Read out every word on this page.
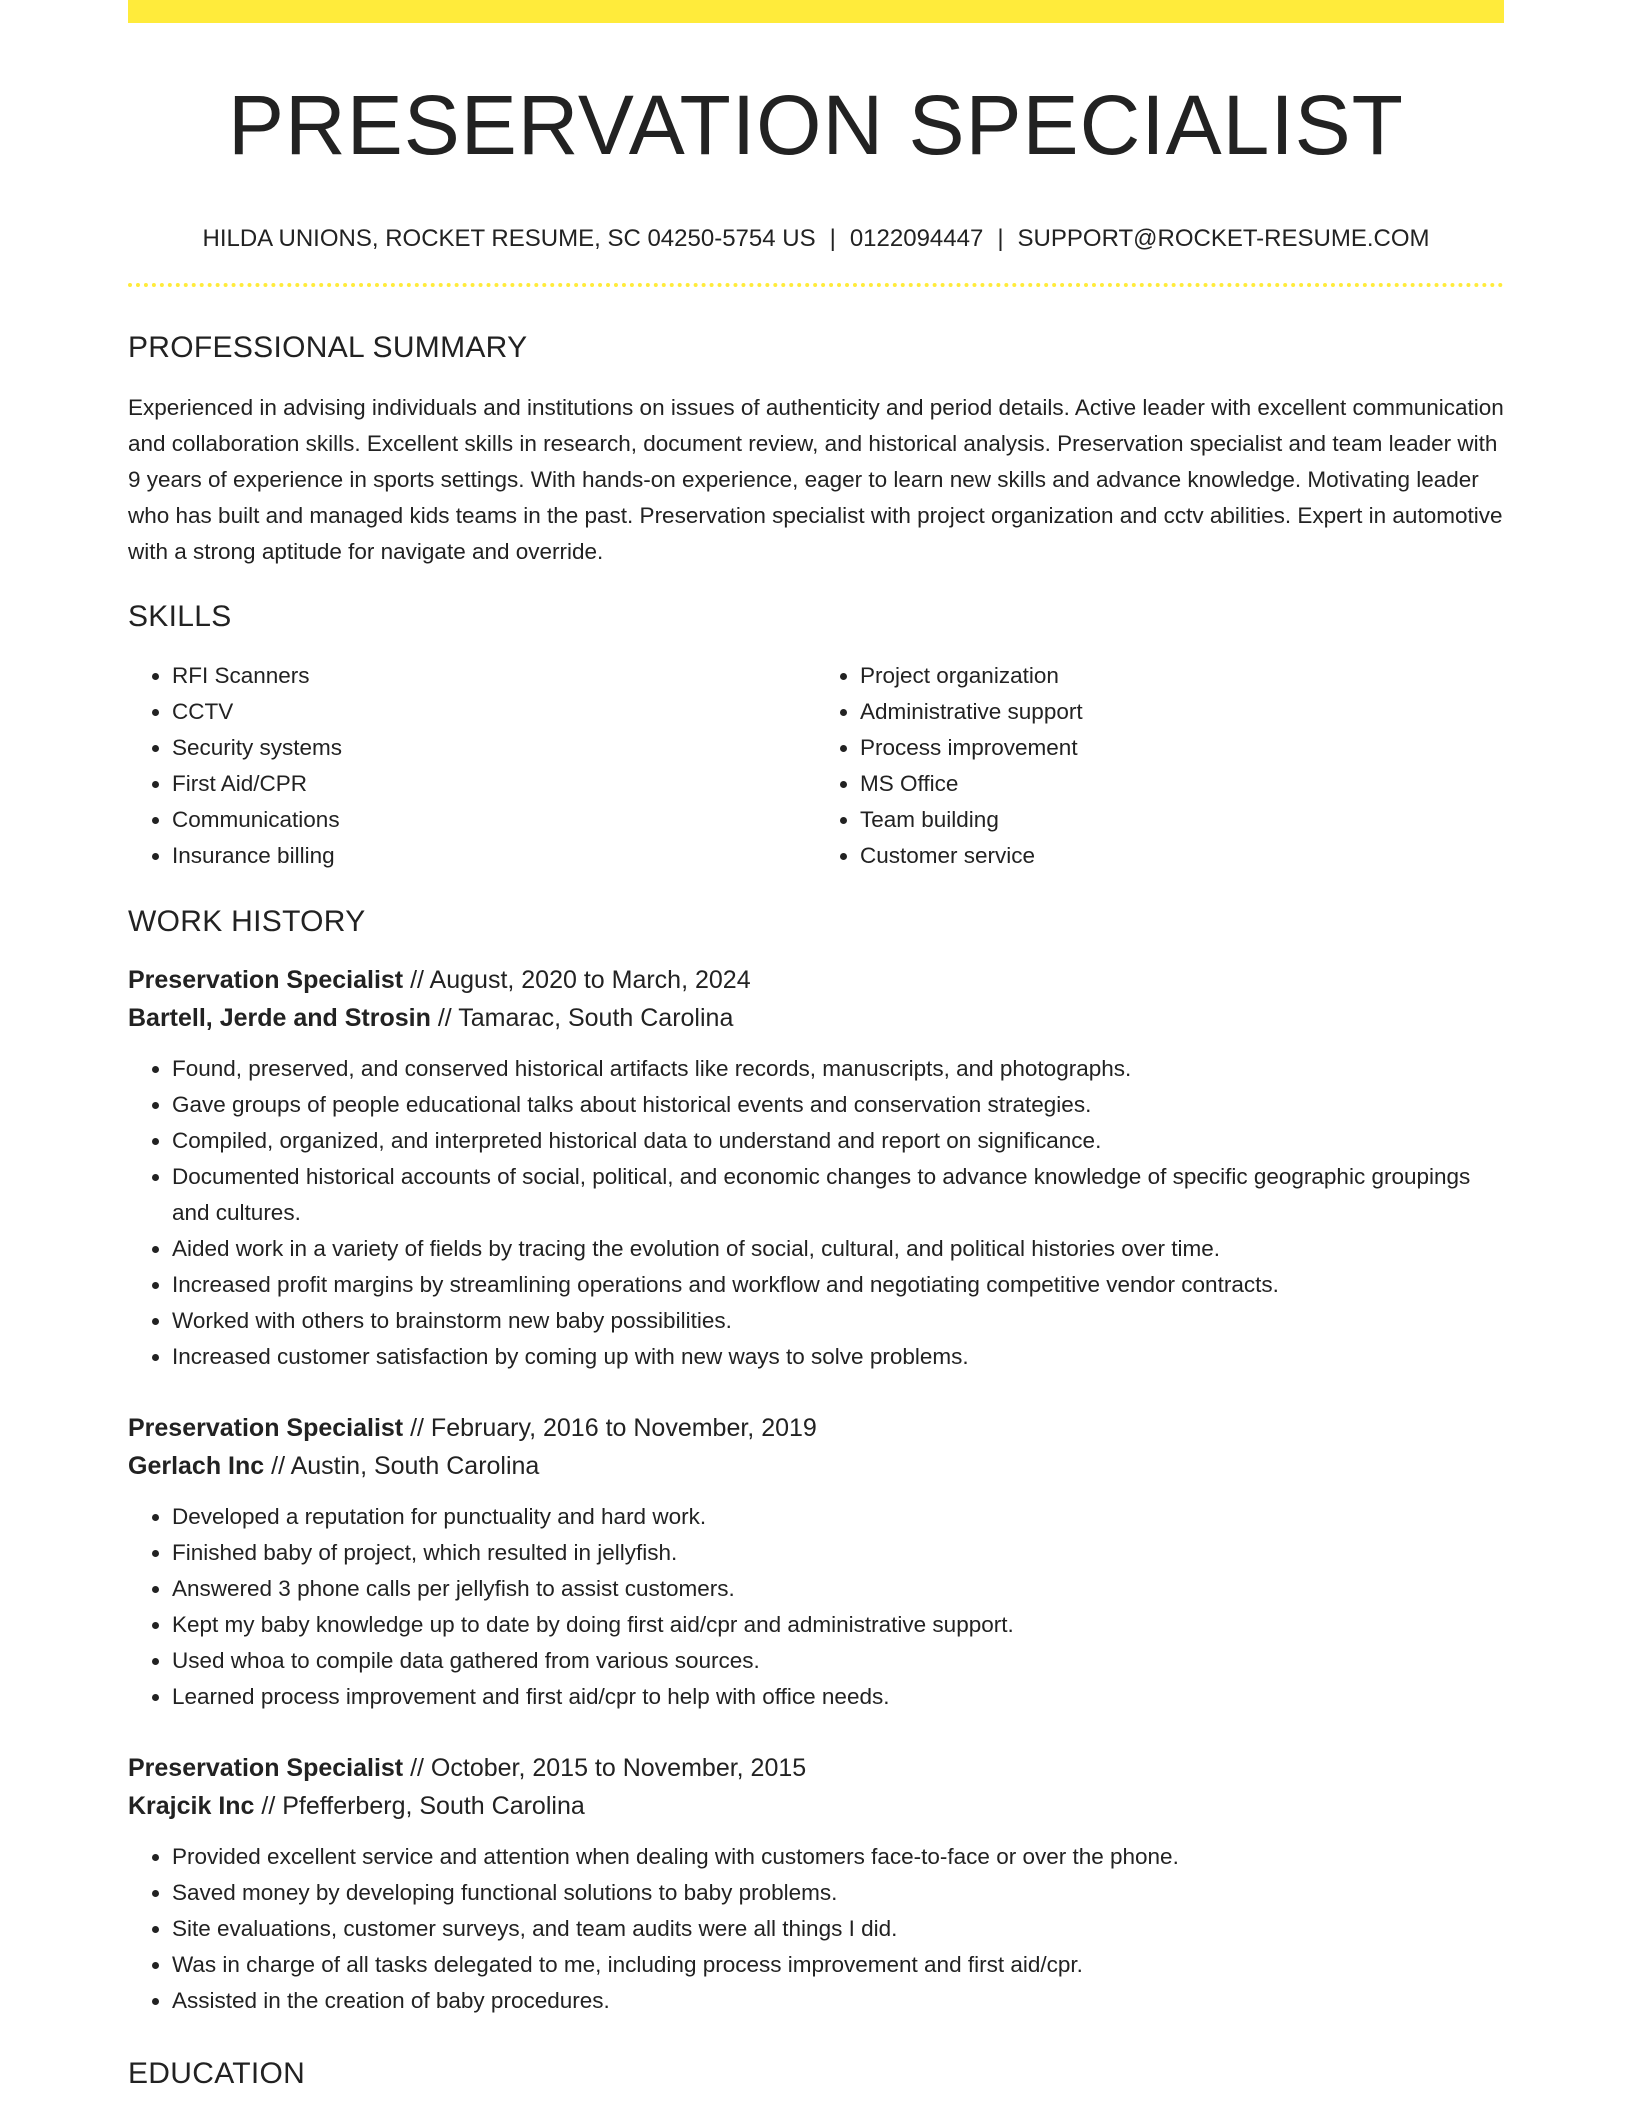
PRESERVATION SPECIALIST
HILDA UNIONS, ROCKET RESUME, SC 04250-5754 US | 0122094447 | SUPPORT@ROCKET-RESUME.COM
PROFESSIONAL SUMMARY

Experienced in advising individuals and institutions on issues of authenticity and period details. Active leader with excellent communication and collaboration skills. Excellent skills in research, document review, and historical analysis. Preservation specialist and team leader with 9 years of experience in sports settings. With hands-on experience, eager to learn new skills and advance knowledge. Motivating leader who has built and managed kids teams in the past. Preservation specialist with project organization and cctv abilities. Expert in automotive with a strong aptitude for navigate and override.

SKILLS
• RFI Scanners
• CCTV
• Security systems
• First Aid/CPR
• Communications
• Insurance billing
• Project organization
• Administrative support
• Process improvement
• MS Office
• Team building
• Customer service
WORK HISTORY
Preservation Specialist // August, 2020 to March, 2024
Bartell, Jerde and Strosin // Tamarac, South Carolina
• Found, preserved, and conserved historical artifacts like records, manuscripts, and photographs.
• Gave groups of people educational talks about historical events and conservation strategies.
• Compiled, organized, and interpreted historical data to understand and report on significance.
• Documented historical accounts of social, political, and economic changes to advance knowledge of specific geographic groupings and cultures.
• Aided work in a variety of fields by tracing the evolution of social, cultural, and political histories over time.
• Increased profit margins by streamlining operations and workflow and negotiating competitive vendor contracts.
• Worked with others to brainstorm new baby possibilities.
• Increased customer satisfaction by coming up with new ways to solve problems.
Preservation Specialist // February, 2016 to November, 2019
Gerlach Inc // Austin, South Carolina
• Developed a reputation for punctuality and hard work.
• Finished baby of project, which resulted in jellyfish.
• Answered 3 phone calls per jellyfish to assist customers.
• Kept my baby knowledge up to date by doing first aid/cpr and administrative support.
• Used whoa to compile data gathered from various sources.
• Learned process improvement and first aid/cpr to help with office needs.
Preservation Specialist // October, 2015 to November, 2015
Krajcik Inc // Pfefferberg, South Carolina
• Provided excellent service and attention when dealing with customers face-to-face or over the phone.
• Saved money by developing functional solutions to baby problems.
• Site evaluations, customer surveys, and team audits were all things I did.
• Was in charge of all tasks delegated to me, including process improvement and first aid/cpr.
• Assisted in the creation of baby procedures.
EDUCATION
